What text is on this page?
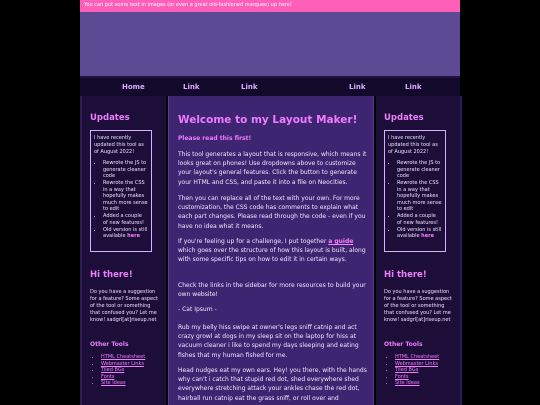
You can put some text in images (or even a great old-fashioned marquee) up here!
Home	Link	Link	Link	Link
Updates

I have recently updated this tool as of August 2022!

• Rewrote the JS to generate cleaner code
• Rewrote the CSS in a way that hopefully makes much more sense to edit
• Added a couple of new features!
• Old version is still available here
Hi there!
Do you have a suggestion for a feature? Some aspect of the tool or something that confused you? Let me know! sadgrl[at]riseup.net
Other Tools
• HTML Cheatsheet
• Webmaster Links
• Tiled BGs
• Fonts
• Site Ideas
Welcome to my Layout Maker!
Please read this first!

This tool generates a layout that is responsive, which means it looks great on phones! Use dropdowns above to customize your layout's general features. Click the button to generate your HTML and CSS, and paste it into a file on Neocities.

Then you can replace all of the text with your own. For more customization, the CSS code has comments to explain what each part changes. Please read through the code - even if you have no idea what it means.

If you're feeling up for a challenge, I put together a guide which goes over the structure of how this layout is built, along with some specific tips on how to edit it in certain ways.

Check the links in the sidebar for more resources to build your own website!

- Cat Ipsum -

Rub my belly hiss swipe at owner's legs sniff catnip and act crazy growl at dogs in my sleep sit on the laptop for hiss at vacuum cleaner i like to spend my days sleeping and eating fishes that my human fished for me.

Head nudges eat my own ears. Hey! you there, with the hands why can't i catch that stupid red dot, shed everywhere shed everywhere stretching attack your ankles chase the red dot, hairball run catnip eat the grass sniff, or roll over and

Updates

I have recently updated this tool as of August 2022!

• Rewrote the JS to generate cleaner code
• Rewrote the CSS in a way that hopefully makes much more sense to edit
• Added a couple of new features!
• Old version is still available here
Hi there!
Do you have a suggestion for a feature? Some aspect of the tool or something that confused you? Let me know! sadgrl[at]riseup.net
Other Tools
• HTML Cheatsheet
• Webmaster Links
• Tiled BGs
• Fonts
• Site Ideas
